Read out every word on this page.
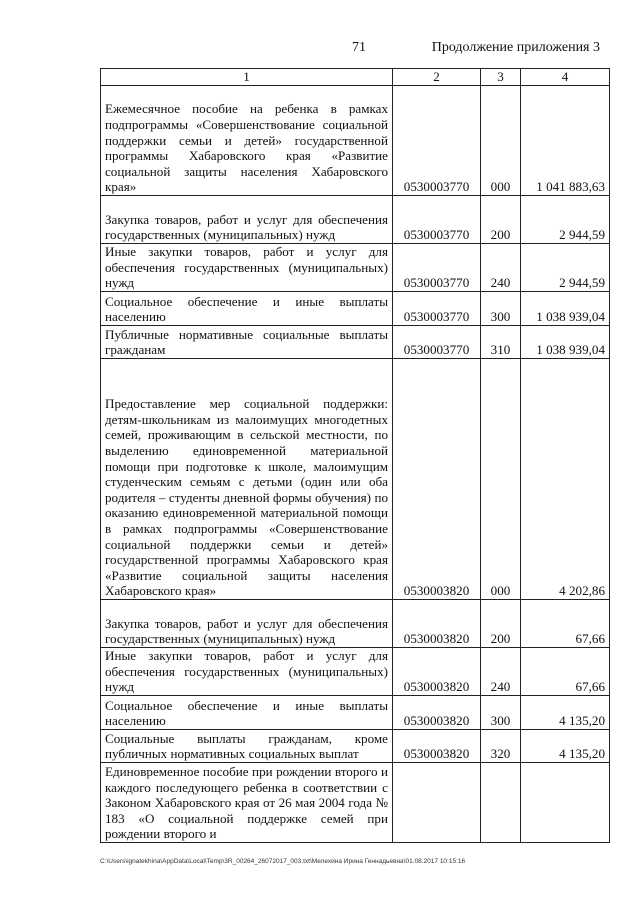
71	Продолжение приложения 3
1	2	3	4
Ежемесячное пособие на ребенка в рамках подпрограммы «Совершенствование социальной поддержки семьи и детей» государственной программы Хабаровского края «Развитие социальной защиты населения Хабаровского края»	0530003770	000	1 041 883,63
Закупка товаров, работ и услуг для обеспечения государственных (муниципальных) нужд	0530003770	200	2 944,59
Иные закупки товаров, работ и услуг для обеспечения государственных (муниципальных) нужд	0530003770	240	2 944,59
Социальное обеспечение и иные выплаты населению	0530003770	300	1 038 939,04
Публичные нормативные социальные выплаты гражданам	0530003770	310	1 038 939,04
Предоставление мер социальной поддержки: детям-школьникам из малоимущих многодетных семей, проживающим в сельской местности, по выделению единовременной материальной помощи при подготовке к школе, малоимущим студенческим семьям с детьми (один или оба родителя – студенты дневной формы обучения) по оказанию единовременной материальной помощи в рамках подпрограммы «Совершенствование социальной поддержки семьи и детей» государственной программы Хабаровского края «Развитие социальной защиты населения Хабаровского края»	0530003820	000	4 202,86
Закупка товаров, работ и услуг для обеспечения государственных (муниципальных) нужд	0530003820	200	67,66
Иные закупки товаров, работ и услуг для обеспечения государственных (муниципальных) нужд	0530003820	240	67,66
Социальное обеспечение и иные выплаты населению	0530003820	300	4 135,20
Социальные выплаты гражданам, кроме публичных нормативных социальных выплат	0530003820	320	4 135,20
Единовременное пособие при рождении второго и каждого последующего ребенка в соответствии с Законом Хабаровского края от 26 мая 2004 года № 183 «О социальной поддержке семей при рождении второго и			
C:\Users\ignatekhina\AppData\Local\Temp\3R_00264_26072017_003.txt\Мелехина Ирина Геннадьевна\01.08.2017 10:15:16
